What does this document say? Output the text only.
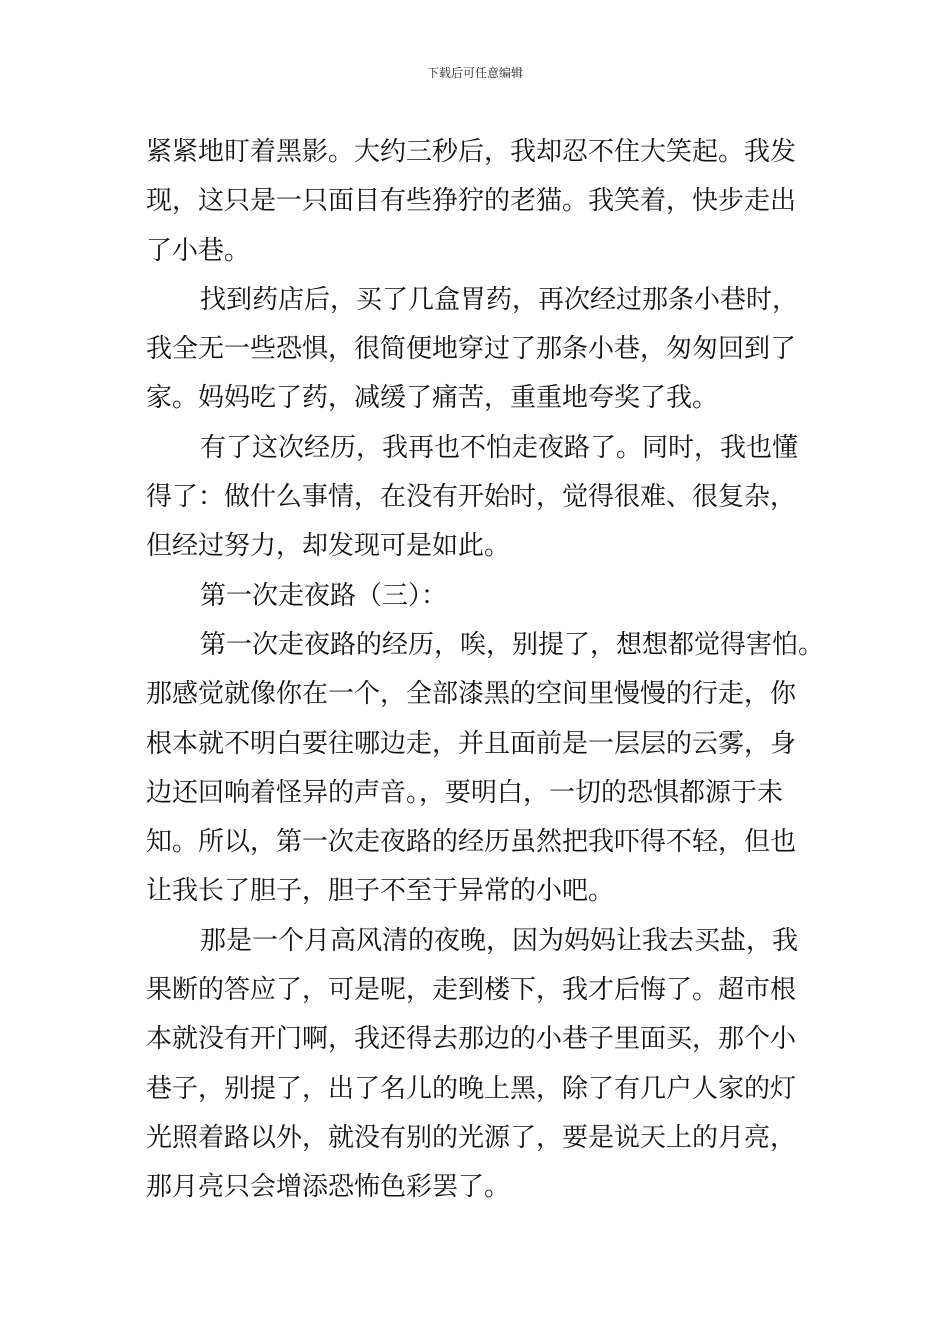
下载后可任意编辑
紧紧地盯着黑影。大约三秒后，我却忍不住大笑起。我发
现，这只是一只面目有些狰狞的老猫。我笑着，快步走出
了小巷。
找到药店后，买了几盒胃药，再次经过那条小巷时，
我全无一些恐惧，很简便地穿过了那条小巷，匆匆回到了
家。妈妈吃了药，减缓了痛苦，重重地夸奖了我。
有了这次经历，我再也不怕走夜路了。同时，我也懂
得了：做什么事情，在没有开始时，觉得很难、很复杂，
但经过努力，却发现可是如此。
第一次走夜路（三）：
第一次走夜路的经历，唉，别提了，想想都觉得害怕。
那感觉就像你在一个，全部漆黑的空间里慢慢的行走，你
根本就不明白要往哪边走，并且面前是一层层的云雾，身
边还回响着怪异的声音。，要明白，一切的恐惧都源于未
知。所以，第一次走夜路的经历虽然把我吓得不轻，但也
让我长了胆子，胆子不至于异常的小吧。
那是一个月高风清的夜晚，因为妈妈让我去买盐，我
果断的答应了，可是呢，走到楼下，我才后悔了。超市根
本就没有开门啊，我还得去那边的小巷子里面买，那个小
巷子，别提了，出了名儿的晚上黑，除了有几户人家的灯
光照着路以外，就没有别的光源了，要是说天上的月亮，
那月亮只会增添恐怖色彩罢了。
